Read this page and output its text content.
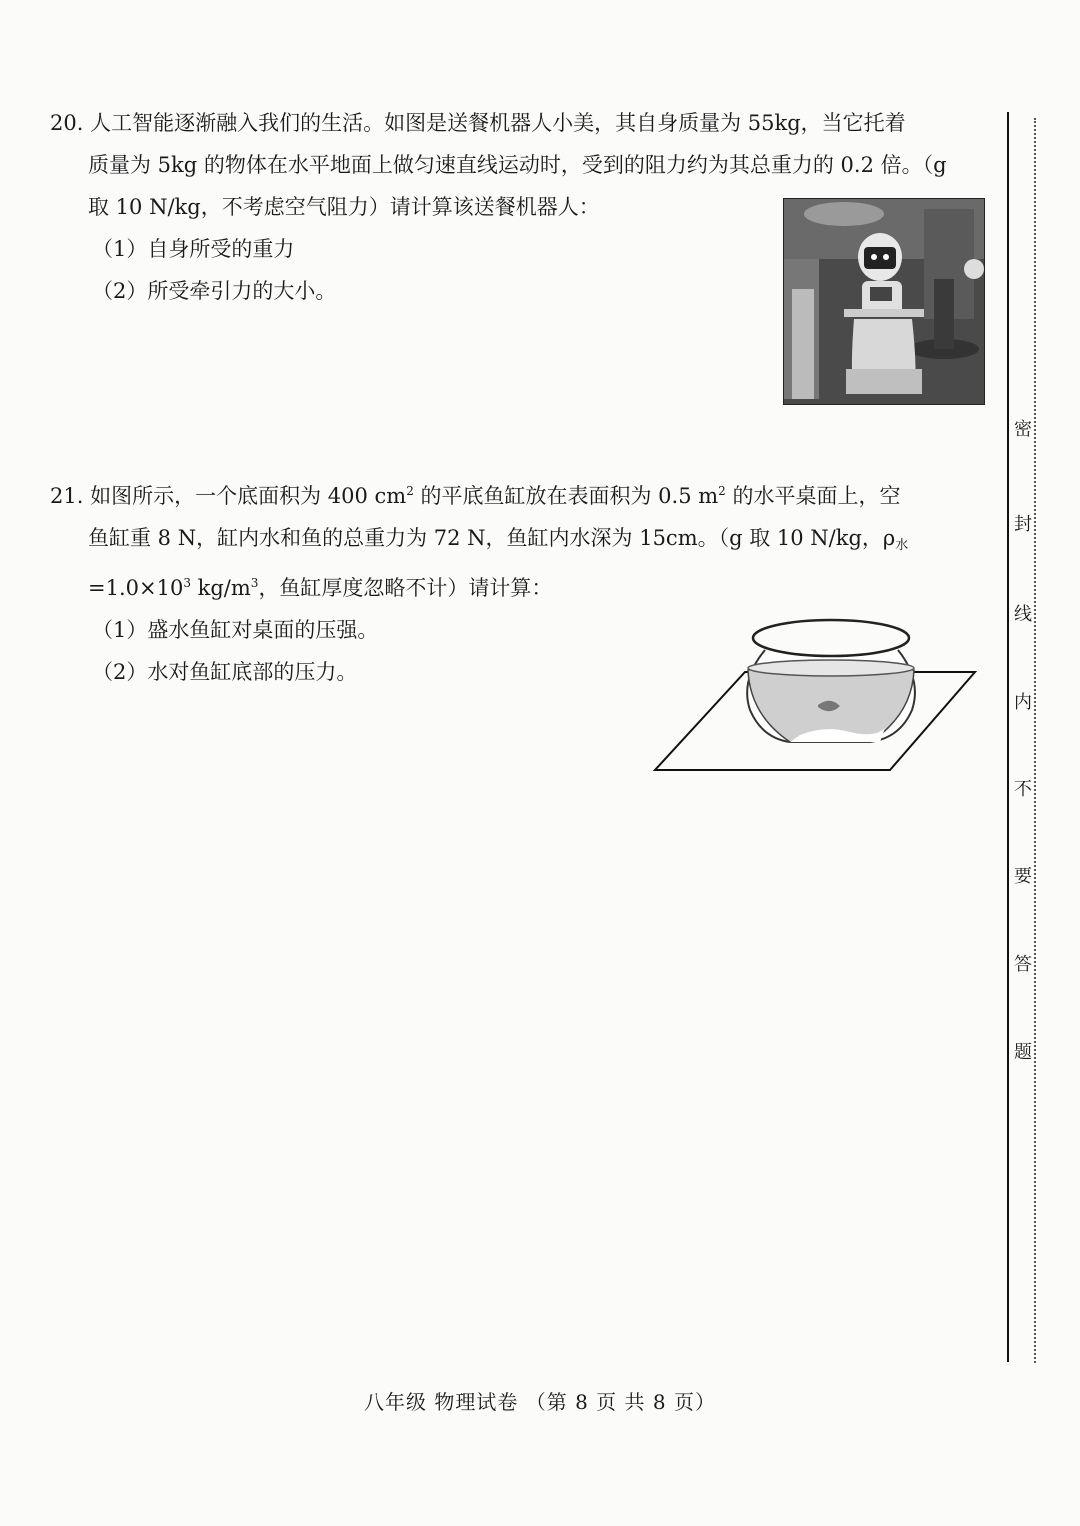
20. 人工智能逐渐融入我们的生活。如图是送餐机器人小美，其自身质量为 55kg，当它托着
质量为 5kg 的物体在水平地面上做匀速直线运动时，受到的阻力约为其总重力的 0.2 倍。（g
取 10 N/kg，不考虑空气阻力）请计算该送餐机器人：
（1）自身所受的重力
（2）所受牵引力的大小。
21. 如图所示，一个底面积为 400 $cm^2$ 的平底鱼缸放在表面积为 0.5 $m^2$ 的水平桌面上，空
鱼缸重 8 N，缸内水和鱼的总重力为 72 N，鱼缸内水深为 15cm。（g 取 10 N/kg，ρ水
$=1.0\times 10^3$ $kg/m^3$，鱼缸厚度忽略不计）请计算：
（1）盛水鱼缸对桌面的压强。
（2）水对鱼缸底部的压力。
密
封
线
内
不
要
答
题
八年级 物理试卷 （第 8 页 共 8 页）
